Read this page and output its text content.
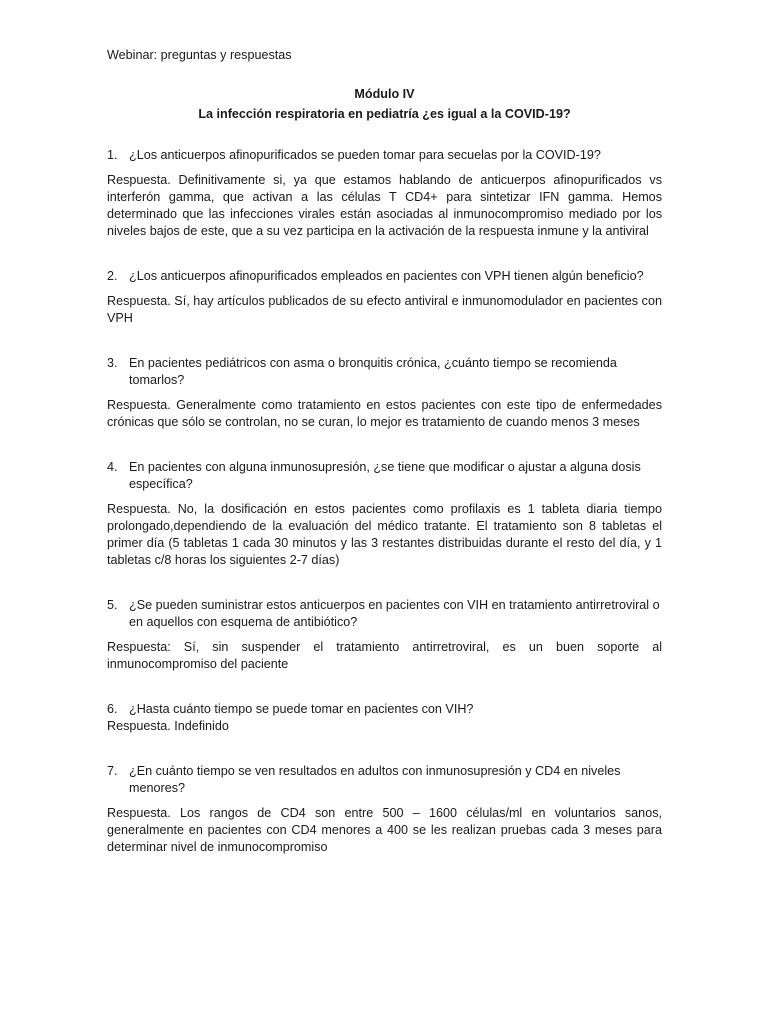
Webinar: preguntas y respuestas

Módulo IV

La infección respiratoria en pediatría ¿es igual a la COVID-19?

1. ¿Los anticuerpos afinopurificados se pueden tomar para secuelas por la COVID-19?

Respuesta. Definitivamente si, ya que estamos hablando de anticuerpos afinopurificados vs interferón gamma, que activan a las células T CD4+ para sintetizar IFN gamma. Hemos determinado que las infecciones virales están asociadas al inmunocompromiso mediado por los niveles bajos de este, que a su vez participa en la activación de la respuesta inmune y la antiviral

2. ¿Los anticuerpos afinopurificados empleados en pacientes con VPH tienen algún beneficio?

Respuesta. Sí, hay artículos publicados de su efecto antiviral e inmunomodulador en pacientes con VPH

3. En pacientes pediátricos con asma o bronquitis crónica, ¿cuánto tiempo se recomienda tomarlos?

Respuesta. Generalmente como tratamiento en estos pacientes con este tipo de enfermedades crónicas que sólo se controlan, no se curan, lo mejor es tratamiento de cuando menos 3 meses

4. En pacientes con alguna inmunosupresión, ¿se tiene que modificar o ajustar a alguna dosis específica?

Respuesta. No, la dosificación en estos pacientes como profilaxis es 1 tableta diaria tiempo prolongado,dependiendo de la evaluación del médico tratante. El tratamiento son 8 tabletas el primer día (5 tabletas 1 cada 30 minutos y las 3 restantes distribuidas durante el resto del día, y 1 tabletas c/8 horas los siguientes 2-7 días)

5. ¿Se pueden suministrar estos anticuerpos en pacientes con VIH en tratamiento antirretroviral o en aquellos con esquema de antibiótico?

Respuesta: Sí, sin suspender el tratamiento antirretroviral, es un buen soporte al inmunocompromiso del paciente

6. ¿Hasta cuánto tiempo se puede tomar en pacientes con VIH?

Respuesta. Indefinido

7. ¿En cuánto tiempo se ven resultados en adultos con inmunosupresión y CD4 en niveles menores?

Respuesta. Los rangos de CD4 son entre 500 – 1600 células/ml en voluntarios sanos, generalmente en pacientes con CD4 menores a 400 se les realizan pruebas cada 3 meses para determinar nivel de inmunocompromiso
